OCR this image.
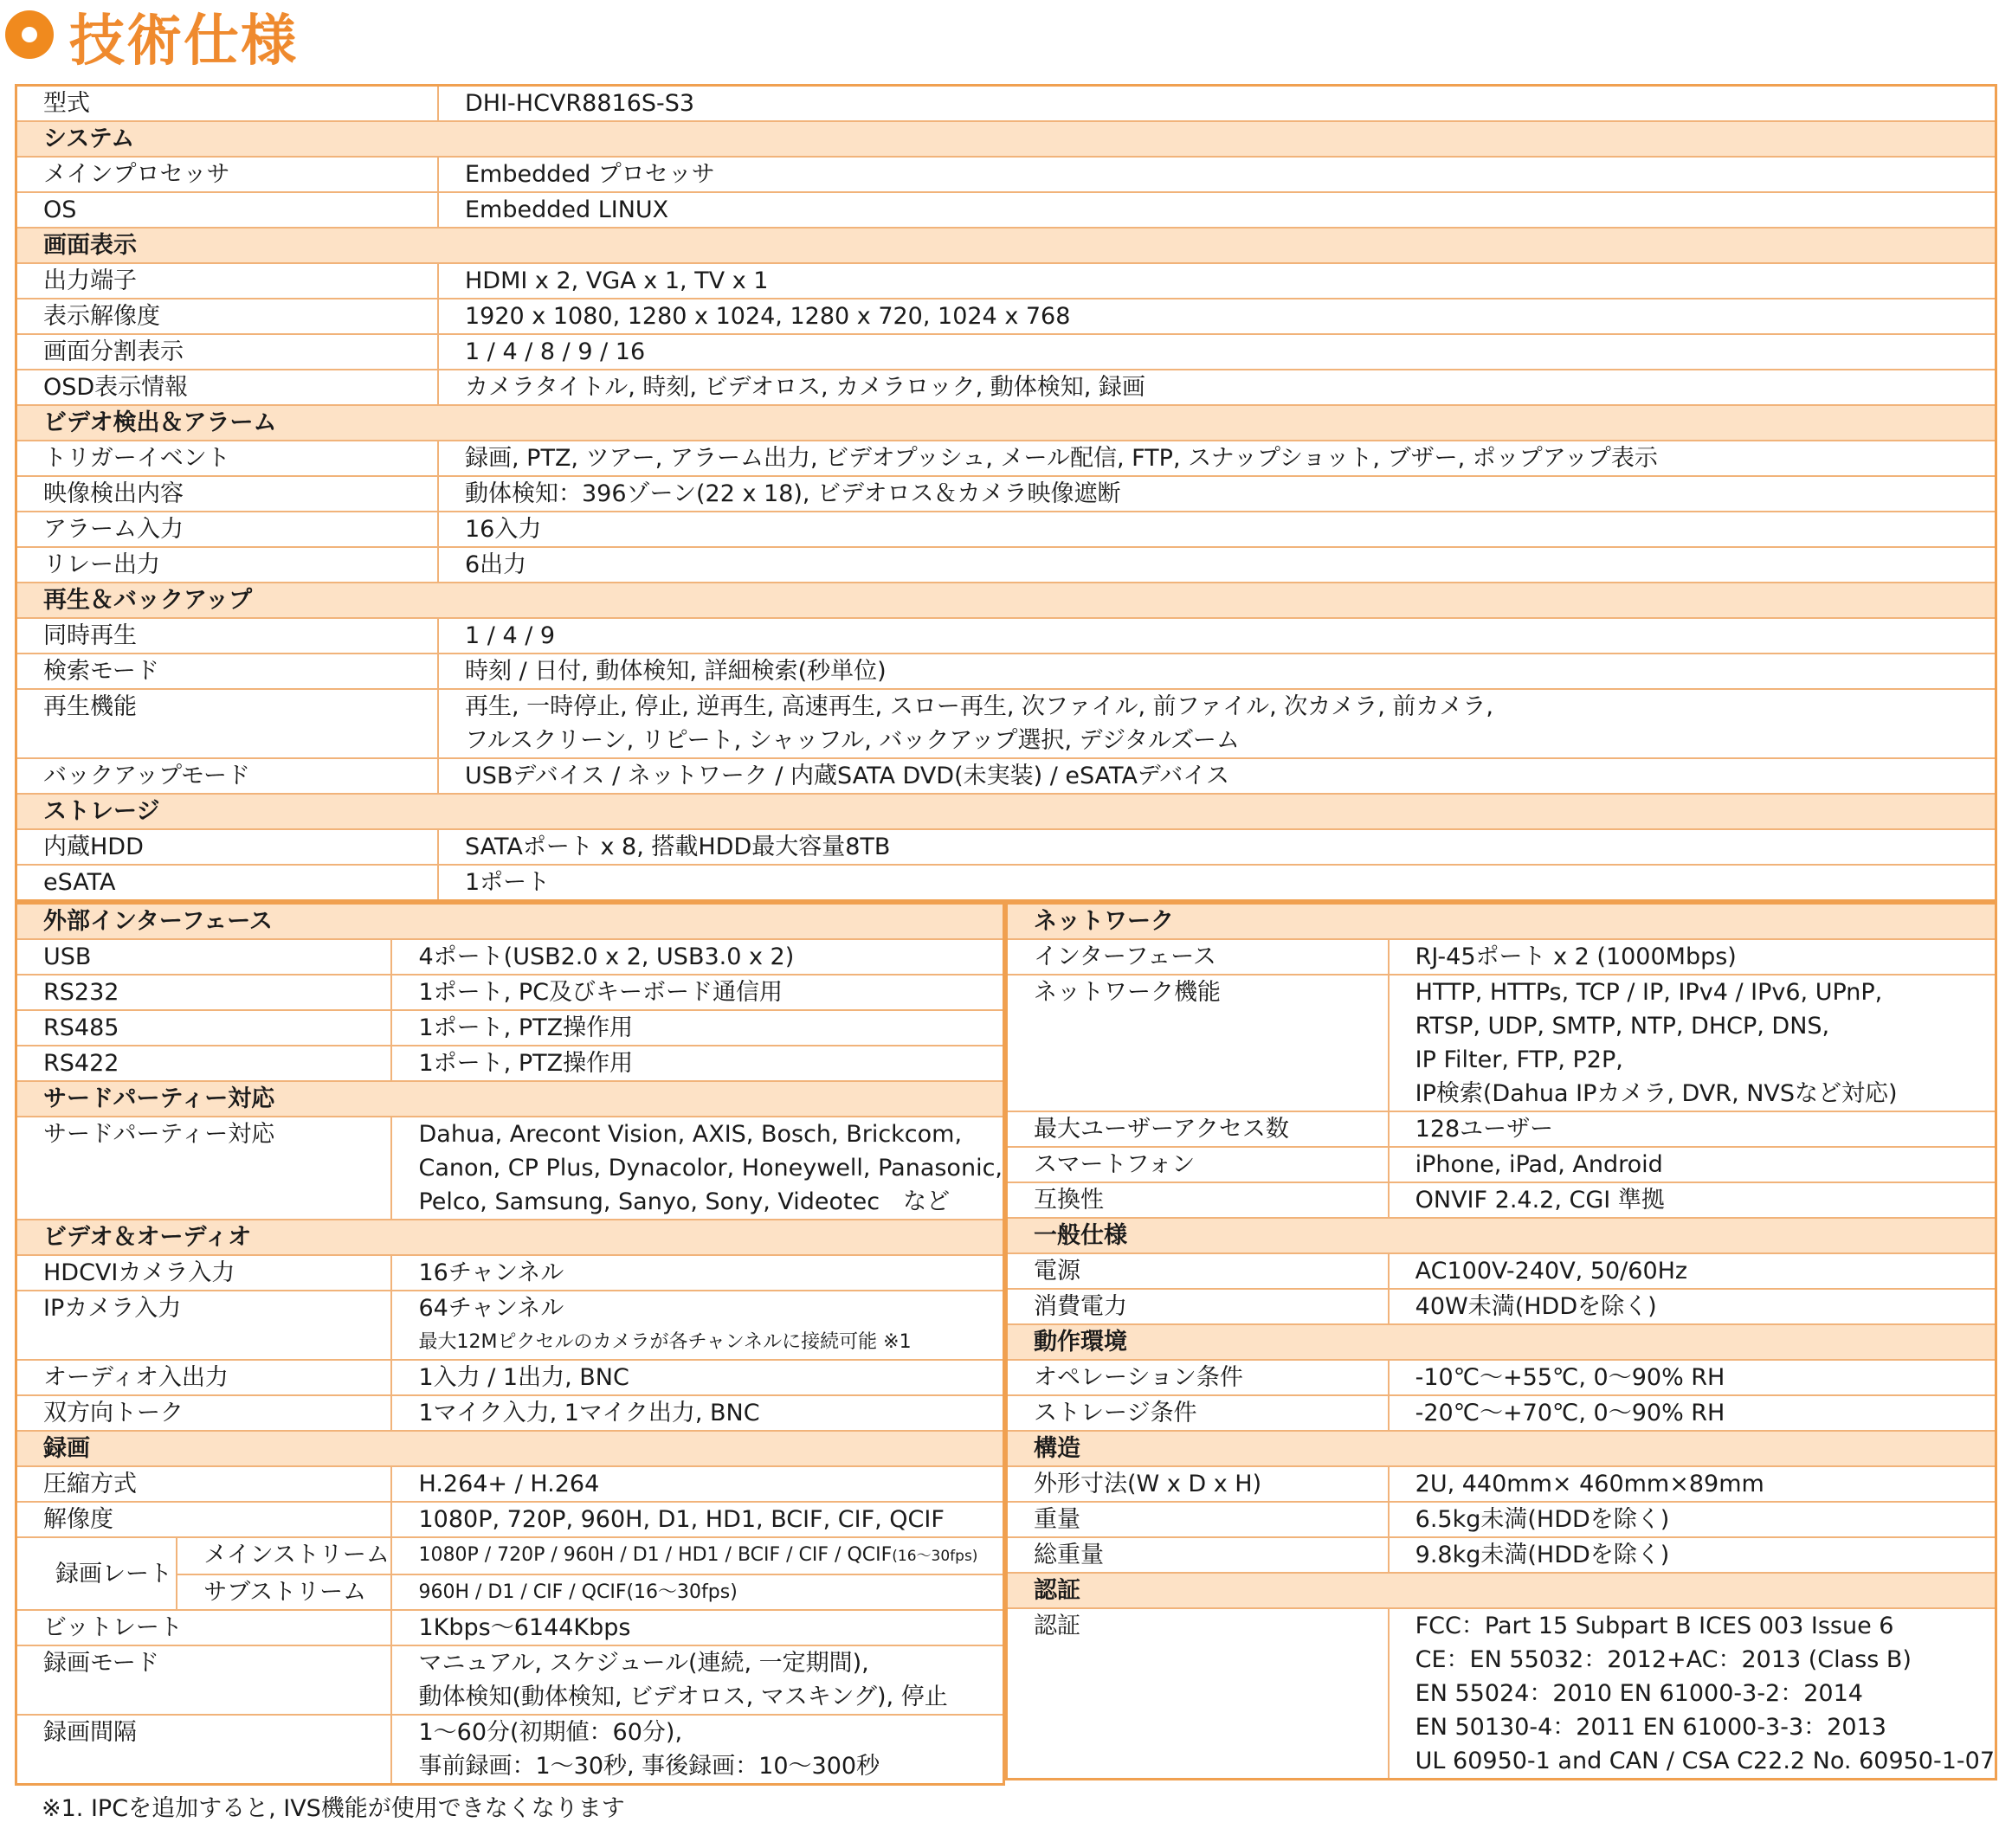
技術仕様
型式	DHI-HCVR8816S-S3
システム	
メインプロセッサ	Embedded プロセッサ
OS	Embedded LINUX
画面表示	
出力端子	HDMI x 2, VGA x 1, TV x 1
表示解像度	1920 x 1080, 1280 x 1024, 1280 x 720, 1024 x 768
画面分割表示	1 / 4 / 8 / 9 / 16
OSD表示情報	カメラタイトル, 時刻, ビデオロス, カメラロック, 動体検知, 録画
ビデオ検出＆アラーム	
トリガーイベント	録画, PTZ, ツアー, アラーム出力, ビデオプッシュ, メール配信, FTP, スナップショット, ブザー, ポップアップ表示
映像検出内容	動体検知：396ゾーン(22 x 18), ビデオロス＆カメラ映像遮断
アラーム入力	16入力
リレー出力	6出力
再生＆バックアップ	
同時再生	1 / 4 / 9
検索モード	時刻 / 日付, 動体検知, 詳細検索(秒単位)
再生機能	再生, 一時停止, 停止, 逆再生, 高速再生, スロー再生, 次ファイル, 前ファイル, 次カメラ, 前カメラ,
フルスクリーン, リピート, シャッフル, バックアップ選択, デジタルズーム

バックアップモード	USBデバイス / ネットワーク / 内蔵SATA DVD(未実装) / eSATAデバイス
ストレージ	
内蔵HDD	SATAポート x 8, 搭載HDD最大容量8TB
eSATA	1ポート
外部インターフェース		
USB		4ポート(USB2.0 x 2, USB3.0 x 2)
RS232		1ポート, PC及びキーボード通信用
RS485		1ポート, PTZ操作用
RS422		1ポート, PTZ操作用
サードパーティー対応		
サードパーティー対応		Dahua, Arecont Vision, AXIS, Bosch, Brickcom,
Canon, CP Plus, Dynacolor, Honeywell, Panasonic,
Pelco, Samsung, Sanyo, Sony, Videotec　など

ビデオ＆オーディオ		
HDCVIカメラ入力		16チャンネル
IPカメラ入力		64チャンネル
最大12Mピクセルのカメラが各チャンネルに接続可能 ※1

オーディオ入出力		1入力 / 1出力, BNC
双方向トーク		1マイク入力, 1マイク出力, BNC
録画		
圧縮方式		H.264+ / H.264
解像度		1080P, 720P, 960H, D1, HD1, BCIF, CIF, QCIF
録画レート	メインストリーム	1080P / 720P / 960H / D1 / HD1 / BCIF / CIF / QCIF(16〜30fps)
	サブストリーム	960H / D1 / CIF / QCIF(16〜30fps)
ビットレート		1Kbps〜6144Kbps
録画モード		マニュアル, スケジュール(連続, 一定期間),
動体検知(動体検知, ビデオロス, マスキング), 停止

録画間隔		1〜60分(初期値：60分),
事前録画：1〜30秒, 事後録画：10〜300秒
ネットワーク	
インターフェース	RJ-45ポート x 2 (1000Mbps)
ネットワーク機能	HTTP, HTTPs, TCP / IP, IPv4 / IPv6, UPnP,
RTSP, UDP, SMTP, NTP, DHCP, DNS,
IP Filter, FTP, P2P,
IP検索(Dahua IPカメラ, DVR, NVSなど対応)

最大ユーザーアクセス数	128ユーザー
スマートフォン	iPhone, iPad, Android
互換性	ONVIF 2.4.2, CGI 準拠
一般仕様	
電源	AC100V-240V, 50/60Hz
消費電力	40W未満(HDDを除く)
動作環境	
オペレーション条件	-10℃〜+55℃, 0〜90% RH
ストレージ条件	-20℃〜+70℃, 0〜90% RH
構造	
外形寸法(W x D x H)	2U, 440mm× 460mm×89mm
重量	6.5kg未満(HDDを除く)
総重量	9.8kg未満(HDDを除く)
認証	
認証	FCC：Part 15 Subpart B ICES 003 Issue 6
CE：EN 55032：2012+AC：2013 (Class B)
EN 55024：2010 EN 61000-3-2：2014
EN 50130-4：2011 EN 61000-3-3：2013
UL 60950-1 and CAN / CSA C22.2 No. 60950-1-07
※1. IPCを追加すると, IVS機能が使用できなくなります
